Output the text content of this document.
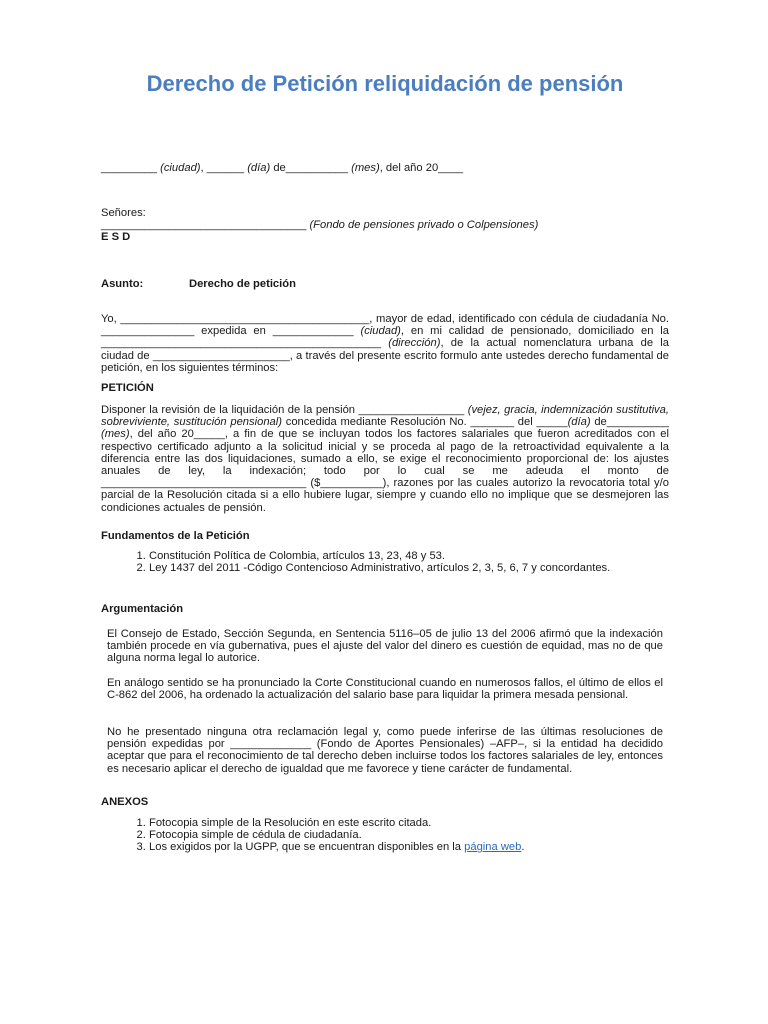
Derecho de Petición reliquidación de pensión
_________ (ciudad), ______ (día) de__________ (mes), del año 20____
Señores:
_________________________________ (Fondo de pensiones privado o Colpensiones)
E S D
Asunto:	Derecho de petición

Yo, ________________________________________, mayor de edad, identificado con cédula de ciudadanía No. _______________ expedida en _____________ (ciudad), en mi calidad de pensionado, domiciliado en la _____________________________________________ (dirección), de la actual nomenclatura urbana de la ciudad de ______________________, a través del presente escrito formulo ante ustedes derecho fundamental de petición, en los siguientes términos:

PETICIÓN

Disponer la revisión de la liquidación de la pensión _________________ (vejez, gracia, indemnización sustitutiva, sobreviviente, sustitución pensional) concedida mediante Resolución No. _______ del _____(día) de__________ (mes), del año 20_____, a fin de que se incluyan todos los factores salariales que fueron acreditados con el respectivo certificado adjunto a la solicitud inicial y se proceda al pago de la retroactividad equivalente a la diferencia entre las dos liquidaciones, sumado a ello, se exige el reconocimiento proporcional de: los ajustes anuales de ley, la indexación; todo por lo cual se me adeuda el monto de _________________________________ ($__________), razones por las cuales autorizo la revocatoria total y/o parcial de la Resolución citada si a ello hubiere lugar, siempre y cuando ello no implique que se desmejoren las condiciones actuales de pensión.

Fundamentos de la Petición
1. Constitución Política de Colombia, artículos 13, 23, 48 y 53.
2. Ley 1437 del 2011 -Código Contencioso Administrativo, artículos 2, 3, 5, 6, 7 y concordantes.
Argumentación

El Consejo de Estado, Sección Segunda, en Sentencia 5116–05 de julio 13 del 2006 afirmó que la indexación también procede en vía gubernativa, pues el ajuste del valor del dinero es cuestión de equidad, mas no de que alguna norma legal lo autorice.

En análogo sentido se ha pronunciado la Corte Constitucional cuando en numerosos fallos, el último de ellos el C-862 del 2006, ha ordenado la actualización del salario base para liquidar la primera mesada pensional.

No he presentado ninguna otra reclamación legal y, como puede inferirse de las últimas resoluciones de pensión expedidas por _____________ (Fondo de Aportes Pensionales) –AFP–, si la entidad ha decidido aceptar que para el reconocimiento de tal derecho deben incluirse todos los factores salariales de ley, entonces es necesario aplicar el derecho de igualdad que me favorece y tiene carácter de fundamental.

ANEXOS
1. Fotocopia simple de la Resolución en este escrito citada.
2. Fotocopia simple de cédula de ciudadanía.
3. Los exigidos por la UGPP, que se encuentran disponibles en la página web.
